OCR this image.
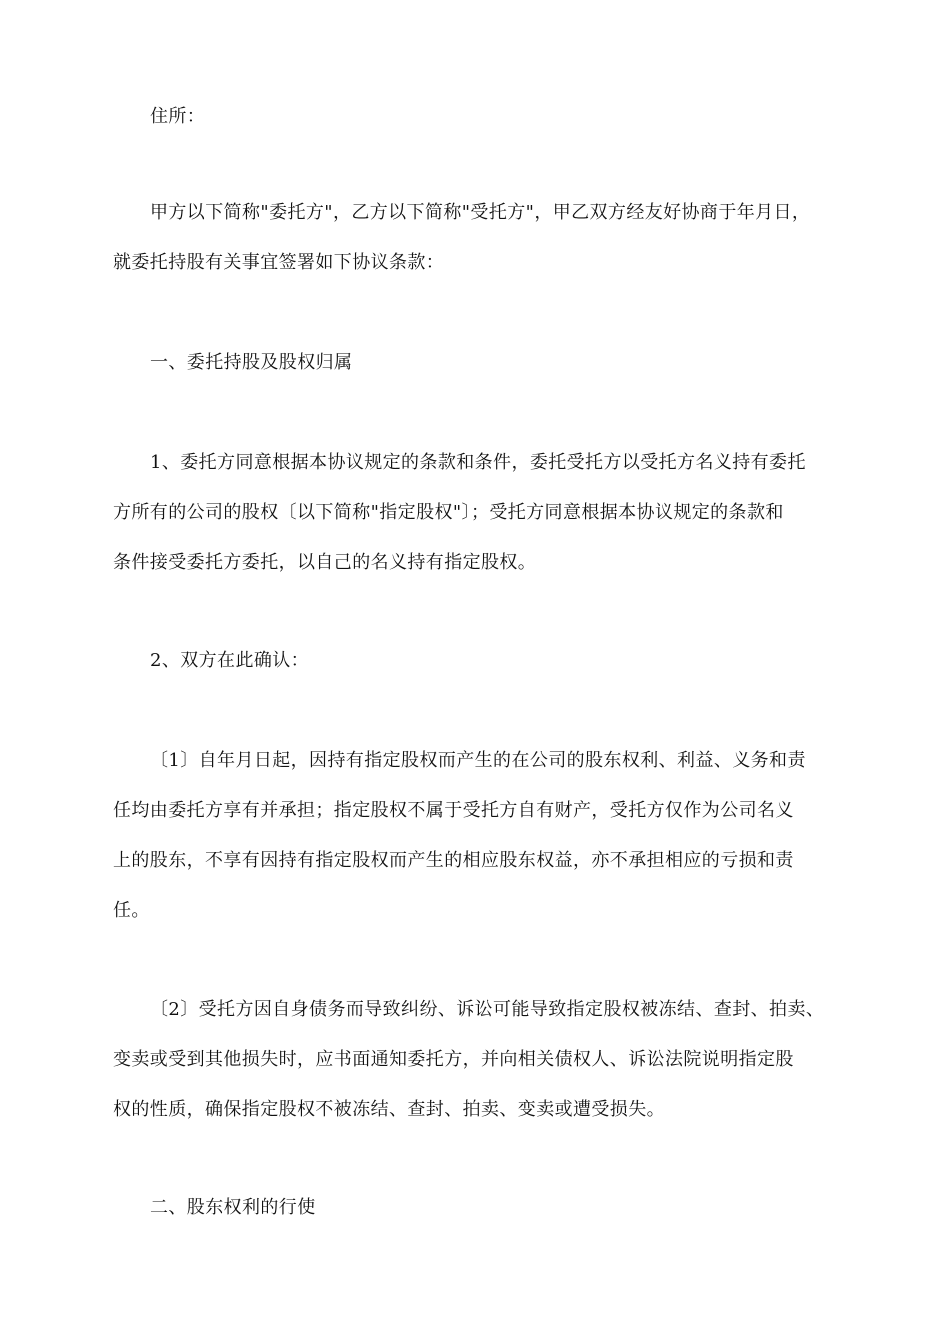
住所：

甲方以下简称"委托方"，乙方以下简称"受托方"，甲乙双方经友好协商于年月日，
就委托持股有关事宜签署如下协议条款：

一、委托持股及股权归属

1、委托方同意根据本协议规定的条款和条件，委托受托方以受托方名义持有委托
方所有的公司的股权〔以下简称"指定股权"〕；受托方同意根据本协议规定的条款和
条件接受委托方委托，以自己的名义持有指定股权。

2、双方在此确认：

〔1〕自年月日起，因持有指定股权而产生的在公司的股东权利、利益、义务和责
任均由委托方享有并承担；指定股权不属于受托方自有财产，受托方仅作为公司名义
上的股东，不享有因持有指定股权而产生的相应股东权益，亦不承担相应的亏损和责
任。

〔2〕受托方因自身债务而导致纠纷、诉讼可能导致指定股权被冻结、查封、拍卖、
变卖或受到其他损失时，应书面通知委托方，并向相关债权人、诉讼法院说明指定股
权的性质，确保指定股权不被冻结、查封、拍卖、变卖或遭受损失。

二、股东权利的行使
